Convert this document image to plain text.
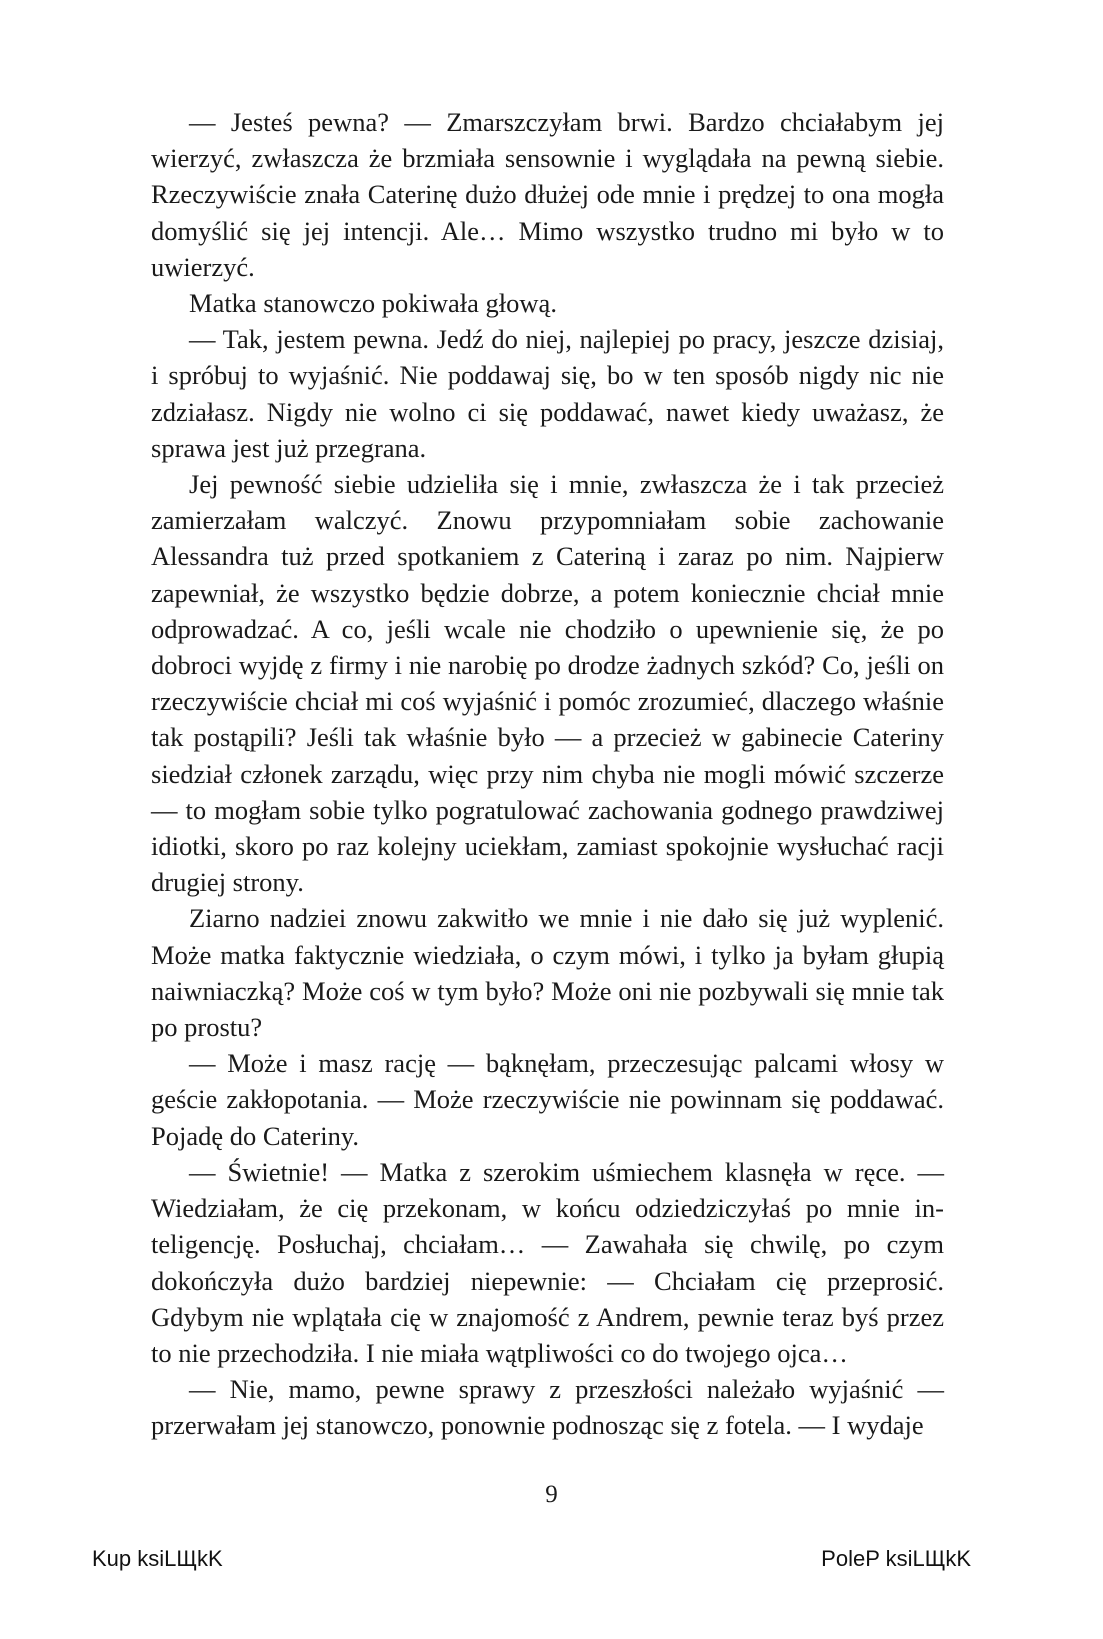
— Jesteś pewna? — Zmarszczyłam brwi. Bardzo chciałabym jej wierzyć, zwłaszcza że brzmiała sensownie i wyglądała na pewną siebie. Rzeczywiście znała Caterinę dużo dłużej ode mnie i prędzej to ona mogła domyślić się jej intencji. Ale… Mimo wszystko trudno mi było w to uwierzyć.

Matka stanowczo pokiwała głową.

— Tak, jestem pewna. Jedź do niej, najlepiej po pracy, jeszcze dzisiaj, i spróbuj to wyjaśnić. Nie poddawaj się, bo w ten sposób nigdy nic nie zdziałasz. Nigdy nie wolno ci się poddawać, nawet kiedy uważasz, że sprawa jest już przegrana.

Jej pewność siebie udzieliła się i mnie, zwłaszcza że i tak przecież zamierzałam walczyć. Znowu przypomniałam sobie zachowanie Alessandra tuż przed spotkaniem z Cateriną i zaraz po nim. Najpierw zapewniał, że wszystko będzie dobrze, a potem koniecznie chciał mnie odprowadzać. A co, jeśli wcale nie chodziło o upewnienie się, że po dobroci wyjdę z firmy i nie narobię po drodze żadnych szkód? Co, jeśli on rzeczywiście chciał mi coś wyjaśnić i pomóc zrozumieć, dlaczego właśnie tak postąpili? Jeśli tak właśnie było — a przecież w gabinecie Cateriny siedział członek zarządu, więc przy nim chyba nie mogli mówić szczerze — to mogłam sobie tylko pogratulować zachowania godnego prawdziwej idiotki, skoro po raz kolejny uciekłam, zamiast spokojnie wysłuchać racji drugiej strony.

Ziarno nadziei znowu zakwitło we mnie i nie dało się już wyplenić. Może matka faktycznie wiedziała, o czym mówi, i tylko ja byłam głupią naiwniaczką? Może coś w tym było? Może oni nie pozbywali się mnie tak po prostu?

— Może i masz rację — bąknęłam, przeczesując palcami włosy w geście zakłopotania. — Może rzeczywiście nie powinnam się poddawać. Pojadę do Cateriny.

— Świetnie! — Matka z szerokim uśmiechem klasnęła w ręce. — Wiedziałam, że cię przekonam, w końcu odziedziczyłaś po mnie inteligencję. Posłuchaj, chciałam… — Zawahała się chwilę, po czym dokończyła dużo bardziej niepewnie: — Chciałam cię przeprosić. Gdybym nie wplątała cię w znajomość z Andrem, pewnie teraz byś przez to nie przechodziła. I nie miała wątpliwości co do twojego ojca…

— Nie, mamo, pewne sprawy z przeszłości należało wyjaśnić — przerwałam jej stanowczo, ponownie podnosząc się z fotela. — I wydaje

9
Kup ksiLЩkK	PoleP ksiLЩkK
